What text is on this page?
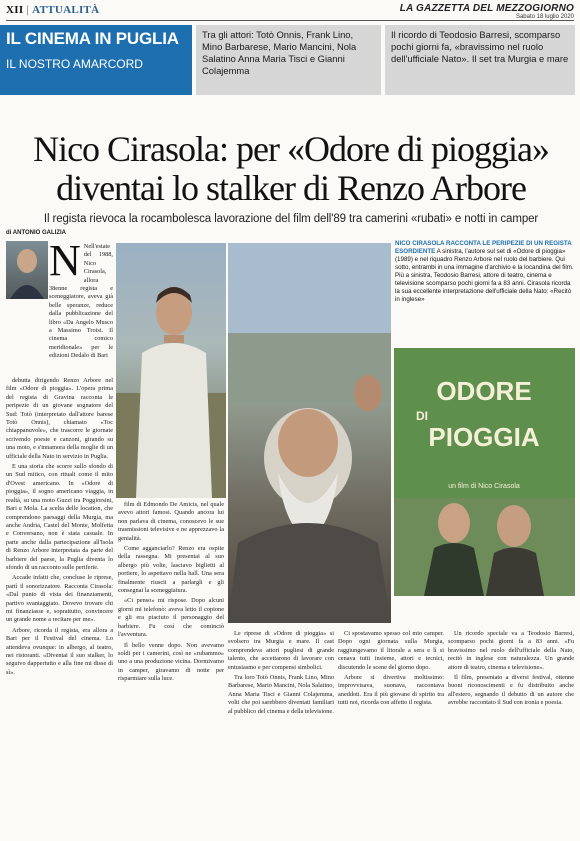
XII | ATTUALITÀ	LA GAZZETTA DEL MEZZOGIORNO
Sabato 18 luglio 2020
IL CINEMA IN PUGLIA
IL NOSTRO AMARCORD
Tra gli attori: Totò Onnis, Frank Lino, Mino Barbarese, Mario Mancini, Nola Salatino Anna Maria Tisci e Gianni Colajemma
Il ricordo di Teodosio Barresi, scomparso pochi giorni fa, «bravissimo nel ruolo dell'ufficiale Nato». Il set tra Murgia e mare
Nico Cirasola: per «Odore di pioggia» diventai lo stalker di Renzo Arbore
Il regista rievoca la rocambolesca lavorazione del film dell'89 tra camerini «rubati» e notti in camper
di ANTONIO GALIZIA

N Nell'estate del 1988, Nico Cirasola, allora 38enne regista e sceneggiatore, aveva già belle speranze, reduce dalla pubblicazione del libro «Da Angelo Musco a Massimo Troisi. Il cinema comico meridionale» per le edizioni Dedalo di Bari

debutta dirigendo Renzo Arbore nel film «Odore di pioggia». L'opera prima del regista di Gravina racconta le peripezie di un giovane sognatore del Sud: Totò (interpretato dall'attore barese Totò Onnis), chiamato «Toc chiappanuvole», che trascorre le giornate scrivendo poesie e canzoni, girando su una moto, e s'innamora della moglie di un ufficiale della Nato in servizio in Puglia.

E una storia che scorre sullo sfondo di un Sud mitico, con rituali come il mito d'Ovest americano. In «Odore di pioggia», il sogno americano viaggia, in realtà, su una moto Guzzi tra Poggiorsini, Bari e Mola. La scelta delle location, che comprendono paesaggi della Murgia, ma anche Andria, Castel del Monte, Molfetta e Conversano, non è stata casuale. In parte anche dalla partecipazione all'Isola di Renzo Arbore interpretata da parte del barbiere del paese, la Puglia diventa lo sfondo di un racconto sulle periferie.

Accade infatti che, concluse le riprese, partì il sonorizzatore. Racconta Cirasola: «Dal punto di vista dei finanziamenti, partivo svantaggiato. Dovevo trovare chi mi finanziasse e, soprattutto, convincere un grande nome a recitare per me».

Arbore, ricorda il regista, era allora a Bari per il Festival del cinema. Lo attendeva ovunque: in albergo, al teatro, nei ristoranti. «Diventai il suo stalker, lo seguivo dappertutto e alla fine mi disse di sì».

film di Edmondo De Amicis, nel quale avevo attori famosi. Quando ancora lui non parlava di cinema, conoscevo le sue trasmissioni televisive e ne apprezzavo la genialità.

Come agganciarlo? Renzo era ospite della rassegna. Mi presentai al suo albergo più volte, lasciavo biglietti al portiere, lo aspettavo nella hall. Una sera finalmente riuscii a parlargli e gli consegnai la sceneggiatura.

«Ci penso» mi rispose. Dopo alcuni giorni mi telefonò: aveva letto il copione e gli era piaciuto il personaggio del barbiere. Fu così che cominciò l'avventura.

Il bello venne dopo. Non avevamo soldi per i camerini, così ne «rubammo» uno a una produzione vicina. Dormivamo in camper, giravamo di notte per risparmiare sulla luce.

NICO CIRASOLA RACCONTA LE PERIPEZIE DI UN REGISTA ESORDIENTE A sinistra, l'autore sul set di «Odore di pioggia» (1989) e nel riquadro Renzo Arbore nel ruolo del barbiere. Qui sotto, entrambi in una immagine d'archivio e la locandina del film. Più a sinistra, Teodosio Barresi, attore di teatro, cinema e televisione scomparso pochi giorni fa a 83 anni. Cirasola ricorda la sua eccellente interpretazione dell'ufficiale della Nato: «Recitò in inglese»
ODORE
DI
PIOGGIA
un film di Nico Cirasola

Le riprese di «Odore di pioggia» si svolsero tra Murgia e mare. Il cast comprendeva attori pugliesi di grande talento, che accettarono di lavorare con entusiasmo e per compensi simbolici.

Tra loro Totò Onnis, Frank Lino, Mino Barbarese, Mario Mancini, Nola Salatino, Anna Maria Tisci e Gianni Colajemma, volti che poi sarebbero diventati familiari al pubblico del cinema e della televisione.

Ci spostavamo spesso col mio camper. Dopo ogni giornata sulla Murgia, raggiungevamo il litorale a sera e lì si cenava tutti insieme, attori e tecnici, discutendo le scene del giorno dopo.

Arbore si divertiva moltissimo: improvvisava, suonava, raccontava aneddoti. Era il più giovane di spirito tra tutti noi, ricorda con affetto il regista.

Un ricordo speciale va a Teodosio Barresi, scomparso pochi giorni fa a 83 anni. «Fu bravissimo nel ruolo dell'ufficiale della Nato, recitò in inglese con naturalezza. Un grande attore di teatro, cinema e televisione».

Il film, presentato a diversi festival, ottenne buoni riconoscimenti e fu distribuito anche all'estero, segnando il debutto di un autore che avrebbe raccontato il Sud con ironia e poesia.
